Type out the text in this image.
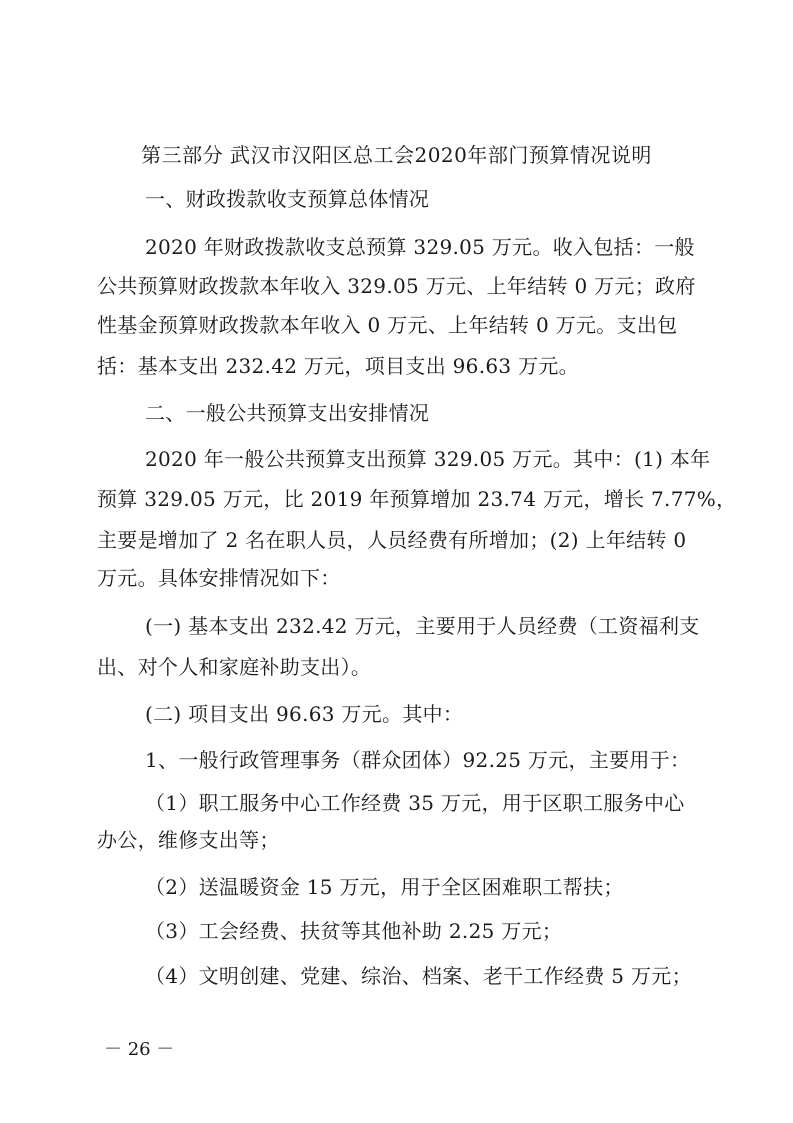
第三部分 武汉市汉阳区总工会2020年部门预算情况说明
一、财政拨款收支预算总体情况
2020 年财政拨款收支总预算 329.05 万元。收入包括：一般
公共预算财政拨款本年收入 329.05 万元、上年结转 0 万元；政府
性基金预算财政拨款本年收入 0 万元、上年结转 0 万元。支出包
括：基本支出 232.42 万元，项目支出 96.63 万元。
二、一般公共预算支出安排情况
2020 年一般公共预算支出预算 329.05 万元。其中：(1) 本年
预算 329.05 万元，比 2019 年预算增加 23.74 万元，增长 7.77%，
主要是增加了 2 名在职人员，人员经费有所增加；(2) 上年结转 0
万元。具体安排情况如下：
(一) 基本支出 232.42 万元，主要用于人员经费（工资福利支
出、对个人和家庭补助支出）。
(二) 项目支出 96.63 万元。其中：
1、一般行政管理事务（群众团体）92.25 万元，主要用于：
（1）职工服务中心工作经费 35 万元，用于区职工服务中心
办公，维修支出等；
（2）送温暖资金 15 万元，用于全区困难职工帮扶；
（3）工会经费、扶贫等其他补助 2.25 万元；
（4）文明创建、党建、综治、档案、老干工作经费 5 万元；
－ 26 －
